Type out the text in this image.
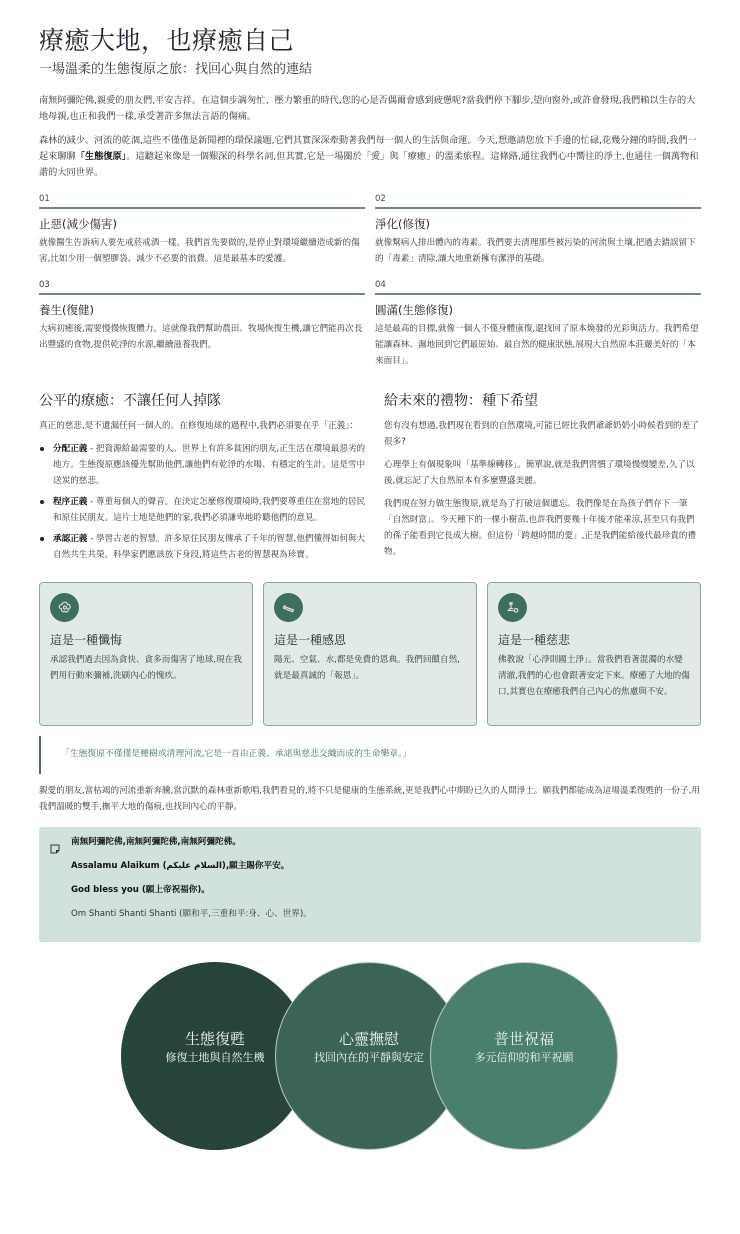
療癒大地，也療癒自己
一場溫柔的生態復原之旅：找回心與自然的連結

南無阿彌陀佛,親愛的朋友們,平安吉祥。在這個步調匆忙、壓力繁重的時代,您的心是否偶爾會感到疲憊呢?當我們停下腳步,望向窗外,或許會發現,我們賴以生存的大地母親,也正和我們一樣,承受著許多無法言語的傷痛。

森林的減少、河流的乾涸,這些不僅僅是新聞裡的環保議題,它們其實深深牽動著我們每一個人的生活與命運。今天,想邀請您放下手邊的忙碌,花幾分鐘的時間,我們一起來聊聊「生態復原」。這聽起來像是一個艱深的科學名詞,但其實,它是一場關於「愛」與「療癒」的溫柔旅程。這條路,通往我們心中嚮往的淨土,也通往一個萬物和諧的大同世界。

01
止惡(減少傷害)
就像醫生告訴病人要先戒菸戒酒一樣。我們首先要做的,是停止對環境繼續造成新的傷害,比如少用一個塑膠袋、減少不必要的浪費。這是最基本的愛護。
02
淨化(修復)
就像幫病人排出體內的毒素。我們要去清理那些被污染的河流與土壤,把過去錯誤留下的「毒素」清除,讓大地重新擁有潔淨的基礎。
03
養生(復健)
大病初癒後,需要慢慢恢復體力。這就像我們幫助農田、牧場恢復生機,讓它們能再次長出豐盛的食物,提供乾淨的水源,繼續滋養我們。
04
圓滿(生態修復)
這是最高的目標,就像一個人不僅身體康復,還找回了原本煥發的光彩與活力。我們希望能讓森林、濕地回到它們最原始、最自然的健康狀態,展現大自然原本莊嚴美好的「本來面目」。
公平的療癒：不讓任何人掉隊

真正的慈悲,是不遺漏任何一個人的。在修復地球的過程中,我們必須要在乎「正義」：

分配正義 - 把資源給最需要的人。世界上有許多貧困的朋友,正生活在環境最惡劣的地方。生態復原應該優先幫助他們,讓他們有乾淨的水喝、有穩定的生計。這是雪中送炭的慈悲。
程序正義 - 尊重每個人的聲音。在決定怎麼修復環境時,我們要尊重住在當地的居民和原住民朋友。這片土地是他們的家,我們必須謙卑地聆聽他們的意見。
承認正義 - 學習古老的智慧。許多原住民朋友傳承了千年的智慧,他們懂得如何與大自然共生共榮。科學家們應該放下身段,將這些古老的智慧視為珍寶。
給未來的禮物：種下希望

您有沒有想過,我們現在看到的自然環境,可能已經比我們爺爺奶奶小時候看到的差了很多?

心理學上有個現象叫「基準線轉移」。簡單說,就是我們習慣了環境慢慢變差,久了以後,就忘記了大自然原本有多麼豐盛美麗。

我們現在努力做生態復原,就是為了打破這個遺忘。我們像是在為孩子們存下一筆「自然財富」。今天種下的一棵小樹苗,也許我們要幾十年後才能乘涼,甚至只有我們的孫子能看到它長成大樹。但這份「跨越時間的愛」,正是我們能給後代最珍貴的禮物。

這是一種懺悔
承認我們過去因為貪快、貪多而傷害了地球,現在我們用行動來彌補,洗刷內心的愧疚。
這是一種感恩
陽光、空氣、水,都是免費的恩典。我們回饋自然,就是最真誠的「報恩」。
這是一種慈悲
佛教說「心淨則國土淨」。當我們看著混濁的水變清澈,我們的心也會跟著安定下來。療癒了大地的傷口,其實也在療癒我們自己內心的焦慮與不安。
「生態復原不僅僅是種樹或清理河流,它是一首由正義、承諾與慈悲交織而成的生命樂章。」

親愛的朋友,當枯竭的河流重新奔騰,當沉默的森林重新歌唱,我們看見的,將不只是健康的生態系統,更是我們心中期盼已久的人間淨土。願我們都能成為這場溫柔復甦的一份子,用我們溫暖的雙手,撫平大地的傷痕,也找回內心的平靜。

南無阿彌陀佛,南無阿彌陀佛,南無阿彌陀佛。
Assalamu Alaikum (السلام عليكم),願主賜你平安。
God bless you (願上帝祝福你)。
Om Shanti Shanti Shanti (願和平,三重和平:身、心、世界)。
生態復甦
修復土地與自然生機
心靈撫慰
找回內在的平靜與安定
普世祝福
多元信仰的和平祝願
